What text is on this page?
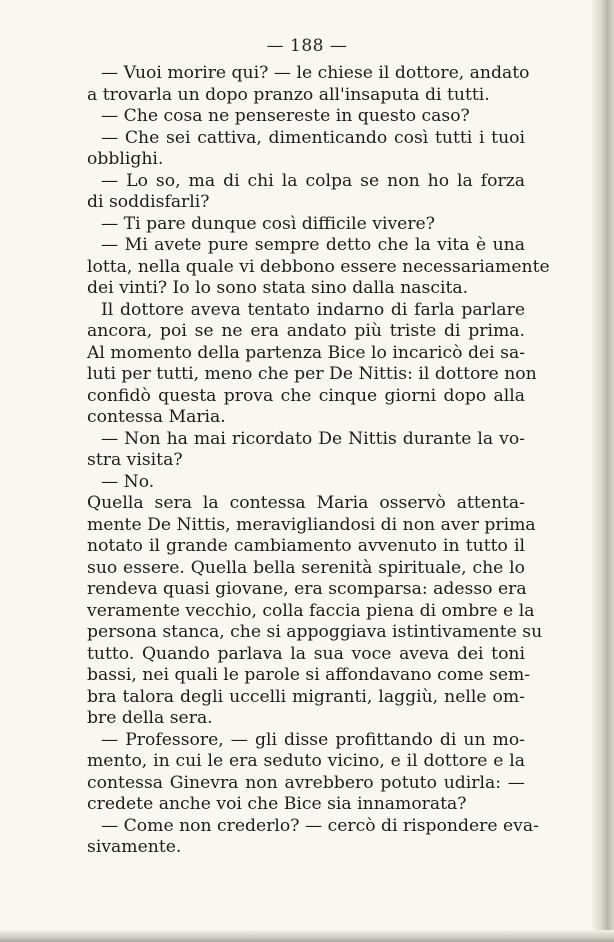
— 188 —
— Vuoi morire qui? — le chiese il dottore, andato
a trovarla un dopo pranzo all'insaputa di tutti.
— Che cosa ne pensereste in questo caso?
— Che sei cattiva, dimenticando così tutti i tuoi
obblighi.
— Lo so, ma di chi la colpa se non ho la forza
di soddisfarli?
— Ti pare dunque così difficile vivere?
— Mi avete pure sempre detto che la vita è una
lotta, nella quale vi debbono essere necessariamente
dei vinti? Io lo sono stata sino dalla nascita.
Il dottore aveva tentato indarno di farla parlare
ancora, poi se ne era andato più triste di prima.
Al momento della partenza Bice lo incaricò dei sa-
luti per tutti, meno che per De Nittis: il dottore non
confidò questa prova che cinque giorni dopo alla
contessa Maria.
— Non ha mai ricordato De Nittis durante la vo-
stra visita?
— No.
Quella sera la contessa Maria osservò attenta-
mente De Nittis, meravigliandosi di non aver prima
notato il grande cambiamento avvenuto in tutto il
suo essere. Quella bella serenità spirituale, che lo
rendeva quasi giovane, era scomparsa: adesso era
veramente vecchio, colla faccia piena di ombre e la
persona stanca, che si appoggiava istintivamente su
tutto. Quando parlava la sua voce aveva dei toni
bassi, nei quali le parole si affondavano come sem-
bra talora degli uccelli migranti, laggiù, nelle om-
bre della sera.
— Professore, — gli disse profittando di un mo-
mento, in cui le era seduto vicino, e il dottore e la
contessa Ginevra non avrebbero potuto udirla: —
credete anche voi che Bice sia innamorata?
— Come non crederlo? — cercò di rispondere eva-
sivamente.
